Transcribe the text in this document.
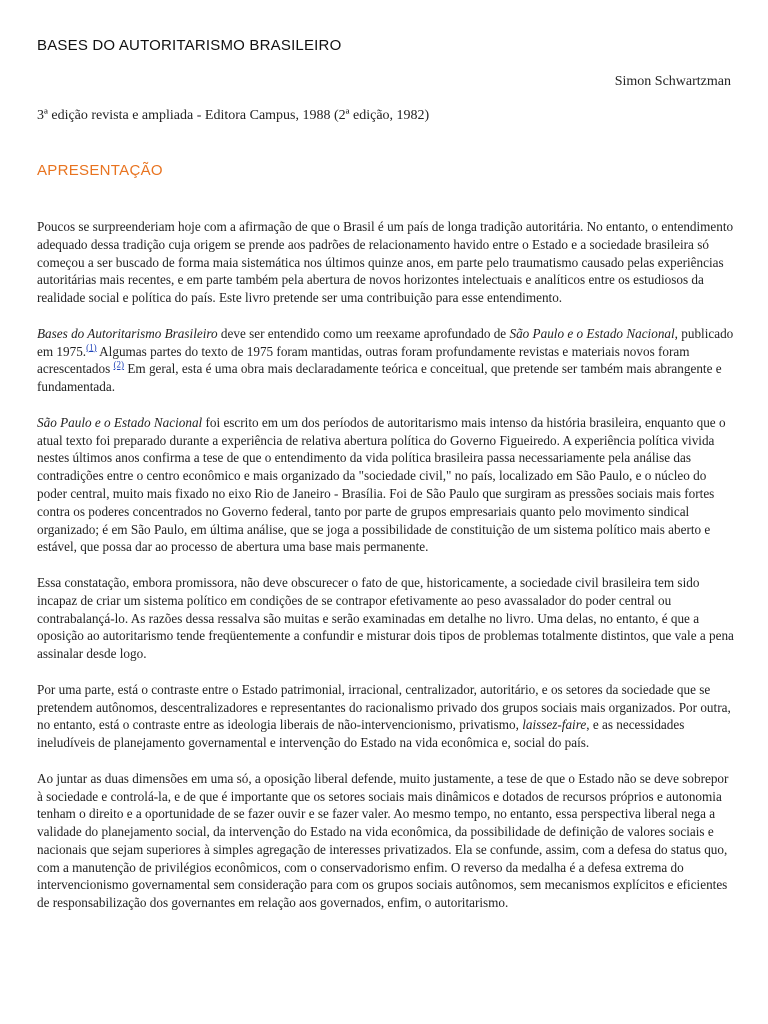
BASES DO AUTORITARISMO BRASILEIRO
Simon Schwartzman
3ª edição revista e ampliada - Editora Campus, 1988 (2ª edição, 1982)
APRESENTAÇÃO

Poucos se surpreenderiam hoje com a afirmação de que o Brasil é um país de longa tradição autoritária. No entanto, o entendimento adequado dessa tradição cuja origem se prende aos padrões de relacionamento havido entre o Estado e a sociedade brasileira só começou a ser buscado de forma maia sistemática nos últimos quinze anos, em parte pelo traumatismo causado pelas experiências autoritárias mais recentes, e em parte também pela abertura de novos horizontes intelectuais e analíticos entre os estudiosos da realidade social e política do país. Este livro pretende ser uma contribuição para esse entendimento.

Bases do Autoritarismo Brasileiro deve ser entendido como um reexame aprofundado de São Paulo e o Estado Nacional, publicado em 1975.$^{(1)}$ Algumas partes do texto de 1975 foram mantidas, outras foram profundamente revistas e materiais novos foram acrescentados $^{(2)}$ Em geral, esta é uma obra mais declaradamente teórica e conceitual, que pretende ser também mais abrangente e fundamentada.

São Paulo e o Estado Nacional foi escrito em um dos períodos de autoritarismo mais intenso da história brasileira, enquanto que o atual texto foi preparado durante a experiência de relativa abertura política do Governo Figueiredo. A experiência política vivida nestes últimos anos confirma a tese de que o entendimento da vida política brasileira passa necessariamente pela análise das contradições entre o centro econômico e mais organizado da "sociedade civil," no país, localizado em São Paulo, e o núcleo do poder central, muito mais fixado no eixo Rio de Janeiro - Brasília. Foi de São Paulo que surgiram as pressões sociais mais fortes contra os poderes concentrados no Governo federal, tanto por parte de grupos empresariais quanto pelo movimento sindical organizado; é em São Paulo, em última análise, que se joga a possibilidade de constituição de um sistema político mais aberto e estável, que possa dar ao processo de abertura uma base mais permanente.

Essa constatação, embora promissora, não deve obscurecer o fato de que, historicamente, a sociedade civil brasileira tem sido incapaz de criar um sistema político em condições de se contrapor efetivamente ao peso avassalador do poder central ou contrabalançá-lo. As razões dessa ressalva são muitas e serão examinadas em detalhe no livro. Uma delas, no entanto, é que a oposição ao autoritarismo tende freqüentemente a confundir e misturar dois tipos de problemas totalmente distintos, que vale a pena assinalar desde logo.

Por uma parte, está o contraste entre o Estado patrimonial, irracional, centralizador, autoritário, e os setores da sociedade que se pretendem autônomos, descentralizadores e representantes do racionalismo privado dos grupos sociais mais organizados. Por outra, no entanto, está o contraste entre as ideologia liberais de não-intervencionismo, privatismo, laissez-faire, e as necessidades ineludíveis de planejamento governamental e intervenção do Estado na vida econômica e, social do país.

Ao juntar as duas dimensões em uma só, a oposição liberal defende, muito justamente, a tese de que o Estado não se deve sobrepor à sociedade e controlá-la, e de que é importante que os setores sociais mais dinâmicos e dotados de recursos próprios e autonomia tenham o direito e a oportunidade de se fazer ouvir e se fazer valer. Ao mesmo tempo, no entanto, essa perspectiva liberal nega a validade do planejamento social, da intervenção do Estado na vida econômica, da possibilidade de definição de valores sociais e nacionais que sejam superiores à simples agregação de interesses privatizados. Ela se confunde, assim, com a defesa do status quo, com a manutenção de privilégios econômicos, com o conservadorismo enfim. O reverso da medalha é a defesa extrema do intervencionismo governamental sem consideração para com os grupos sociais autônomos, sem mecanismos explícitos e eficientes de responsabilização dos governantes em relação aos governados, enfim, o autoritarismo.
